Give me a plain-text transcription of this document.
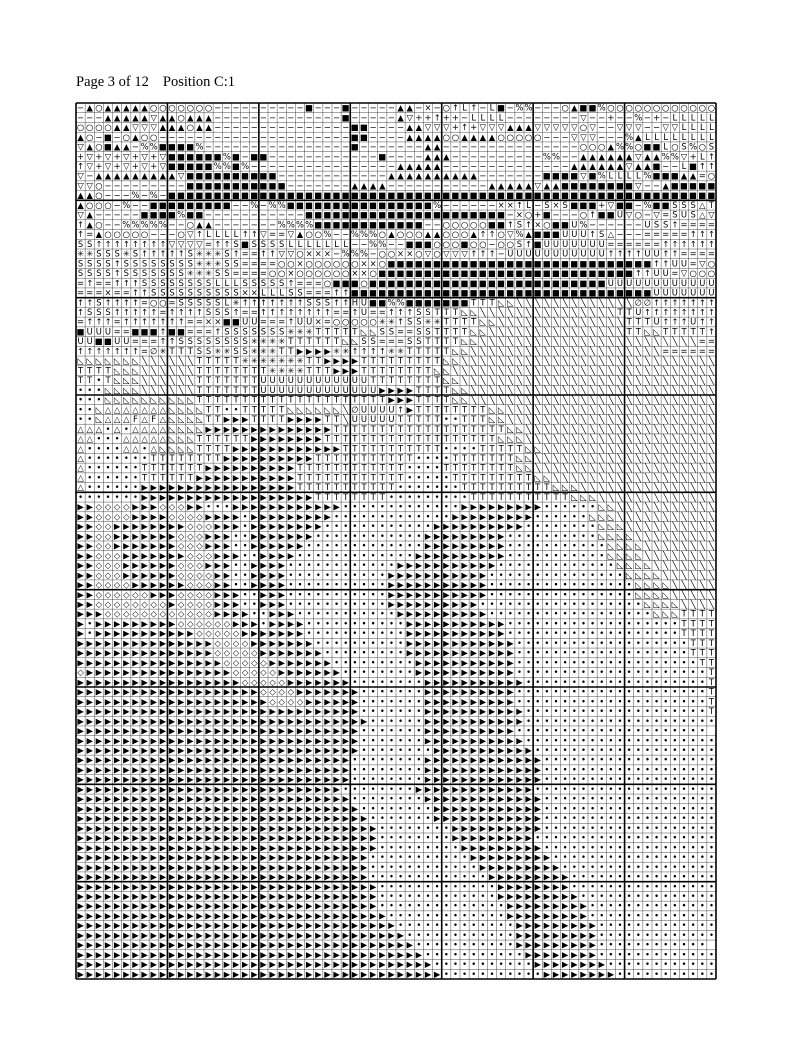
Page 3 of 12 Position C:1
− ▲ ○ ▲ ▲ ▲ ▲ ▲ ○ ○ ○ ○ ○ ○ ○ − − − − − − − − − − ■ − − − ■ − − − − − ▲ ▲ − × − ○ ↑ L ↑ − L ■ − % % − − − ○ ▲ ■ ■ % ○ ○ ○ ○ ○ ○ ○ ○ ○ ○ ○ ○
− − − ▲ ▲ ▲ ▲ ▲ ▽ ▲ ▲ ○ ▲ ▲ ▲ − − − − − − − − − − − − − − ■ − − − − − ▲ ▽ + + ↑ + + − L L L L − − − − − − − − ▽ − − + − − % − + − L L L L L
○ ○ ○ ○ ▲ ▲ ▽ ▽ ▽ ▲ ▲ ▲ ○ ▲ ▲ − − − − − − − − − − − − − − − ■ ■ − − − − ▲ ▲ ▽ ▽ ▽ + ↑ + ▽ ▽ ▽ ▲ ▲ ▲ ▽ ▽ ▽ ▽ ▽ ○ ▽ − − ▽ ▽ ▽ − − ▽ ▽ L L L L
▲ ○ − ■ − ○ ▲ ○ ○ − − − − − − − − − − − − − − − − − − − − − ■ ■ − − − − ▲ ▲ ▲ ▲ ○ ○ ▲ ▲ ▲ ▲ ○ ○ ○ ○ ○ − − − ▽ ▽ ▽ − − − % ▲ L L L L L L L L
▽ ▲ ○ ■ ▲ ▲ − % % ■ ■ ■ ■ % − − − − − − − − − − − − − − − − ■ − − − − − − − ▲ ▲ − − − − − − − − − − − − − − − ○ ○ ○ ▲ % % ○ ■ ■ L ○ S % ○ S
+ ▽ + ▽ + ▽ + ▽ + ▽ ■ ■ ■ ■ ■ ■ % ■ − ■ ■ − − − − − − − − − − − − ■ − − − − ▲ ▲ ▲ − − − − − − − − − − % % − − ▲ ▲ ▲ ▲ ▲ ▲ ▽ ▲ ▲ % % ▽ + L ↑
↑ ▽ + ▽ + ▽ + ▽ + ▽ ■ ■ ■ ■ ■ % % ■ % − − − − − − − − − − − − − − − − ▲ ▲ ▲ ▲ ▲ − − − − − − − − − − − − − − ▲ ▲ ▲ ▲ ▲ ▲ ▽ ▲ ▲ ■ − − L ■ ↑ ↑
▽ − ▲ ▲ ▲ ▲ ▲ ▲ ▲ ▲ ▲ ▽ ■ ■ ■ ■ ■ ■ ■ ■ ■ ■ − − − − − − − − − − − − ▲ ▲ ▲ ▲ ▲ ▲ ▲ ▲ ▲ ▲ − − − − − − − ■ ■ ■ ■ ▽ ■ % L L L L % ■ ■ ■ ▲ ▲ = ○
▽ ▽ ○ − − − − − − − − − ■ ■ ■ ■ ■ ■ ■ ■ ■ ■ ■ − − − − − − − ▲ ▲ ▲ ▲ − − − − − − − − − − − ▲ ▲ ▲ ▲ ▲ ▽ ▲ ▲ ■ ■ ■ ■ ■ ■ ■ ■ ▽ − − ▲ ■ ■ ■ ■ ■
▲ ▲ ○ − − − % − % − ■ ■ ■ ■ ■ ■ ■ ■ ■ ■ ■ ■ ■ ■ ■ ■ ■ ■ ■ ■ ■ ■ ■ ■ ■ ■ ■ ■ ■ ■ ■ ■ ■ ■ ■ ■ ■ ■ ■ ■ ■ ■ ■ ■ ■ ■ ■ ■ ■ ■ ■ ■ ■ ■ ■ ■ ■ ■ ■ ■
▲ ○ ○ ○ − % − − ■ ■ ■ ■ ■ ■ ■ ■ ■ − − % − % % ■ ■ ■ ■ ■ ■ ■ ■ ■ ■ ■ ■ ■ ■ ■ ■ % − − − − − − × × ↑ L − S × S ■ ■ ■ + ▽ ■ ■ − % ■ ■ S S S △ T
▽ ▲ − − − − − ■ ■ ■ ■ % ■ ■ − − − − − − − − − − − ■ ■ ■ ■ ■ ■ ■ ■ ■ ■ ■ ■ ■ ■ ■ ■ ■ ■ ■ ■ ■ ■ − × ○ + ■ − − − ○ ↑ ■ ■ U ▽ ○ − ▽ = S U S △ ▽
↑ ▲ ○ − − % % % % % − − ○ ▲ ▲ − − − − − − − % % % % ■ ■ ■ ■ ■ ■ ■ ■ ■ ■ ■ ■ − − ○ ○ ○ ○ ○ ■ ■ ↑ S ↑ × ○ ■ ■ U % − − − − − − U S S ↑ = = = =
↑ = ▲ ○ ○ ○ ○ ○ − − − ○ ▽ ↑ L L L L ↑ ↑ ▽ = = ▽ ▲ ○ ○ % − − % % % ○ ▲ ○ ○ ○ ▲ ▲ ○ ○ ○ ▲ ↑ ↑ ○ ▽ % ▲ ■ ■ ■ U U U ↑ S △ − − − = = = = = ↑ ↑ ↑
S S ↑ ↑ ↑ ↑ ↑ ↑ ↑ ↑ ▽ ▽ ▽ ▽ = ↑ ↑ S ■ S S S S L L L L L L L − − % % − − ■ ■ ■ ○ ○ ○ ■ ○ ○ − ○ ○ S ↑ ■ U U U U U U U = = = = = = ↑ ↑ ↑ ↑ ↑ ↑
✳ ✳ S S S ✳ S ↑ ↑ ↑ ↑ ↑ S ✳ ✳ ✳ S ↑ = = ↑ ↑ ▽ ▽ ○ × × × − % % % − ○ ○ × × ○ ▽ ○ ▽ ▽ ▽ ↑ ↑ ↑ − U U U U U U U U U U U ↑ ↑ ↑ ↑ U U ↑ ↑ = = = =
S S S S ↑ S S S S S S S S ✳ ✳ ✳ S S = = = = ○ ○ × ○ ○ ○ ○ ○ ○ × × ○ ■ ■ ■ ■ ■ ■ ■ ■ ■ ■ ■ ■ ■ ■ ■ ■ ■ ■ ■ ■ ■ ■ ■ ■ ■ ■ ■ ■ ■ ↑ ↑ U U = ▽ ○
S S S S ↑ S S S S S S S ✳ ✳ ✳ S S = = = = ○ ○ × ○ ○ ○ ○ ○ ○ × × ○ ■ ■ ■ ■ ■ ■ ■ ■ ■ ■ ■ ■ ■ ■ ■ ■ ■ ■ ■ ■ ■ ■ ■ ■ ■ ■ ■ ■ ↑ ↑ U U = ▽ ○ ○ ○
= ↑ = = ↑ ↑ ↑ S S S S S S S S L L L S S S S S ↑ = = = ○ ■ ■ ■ ○ ■ ■ ■ ■ ■ ■ ■ ■ ■ ■ ■ ■ ■ ■ ■ ■ ■ ■ ■ ■ ■ ■ ■ ■ ■ ■ U U U U U U U U U U U U
= = = × = = ↑ ↑ S S S S S S S S S S × × L L L S S = = = ↑ ↑ ■ ■ ■ ■ ■ ■ ■ ■ ■ ■ ■ ■ ■ ■ ■ ■ ■ ■ ■ ■ ■ ■ ■ ■ ■ ■ ■ ■ ■ ■ ■ ■ ■ U U U U U U U
↑ ↑ S ↑ ↑ ↑ ↑ = ○ ○ = S S S S S L ✳ ↑ ↑ ↑ ↑ ↑ ↑ ↑ S S S ↑ ↑ H U ■ ■ % % ■ ■ ■ ■ ■ ■ ■ T T T ◺ ◺ ╲ ╲ ╲ ╲ ╲ ╲ ╲ ╲ ╲ ╲ ╲ ╲ ╲ ∅ ∅ ↑ ↑ ↑ ↑ ↑ ↑ ↑
↑ S S S ↑ ↑ ↑ ↑ ↑ = ↑ ↑ ↑ ↑ S S S ↑ = = ↑ ↑ ↑ ↑ ↑ ↑ ↑ ↑ = = ↑ U = = ↑ ↑ ↑ S S T T T ◺ ◺ ╲ ╲ ╲ ╲ ╲ ╲ ╲ ╲ ╲ ╲ ╲ ╲ ╲ ╲ ╲ T T U ↑ ↑ ↑ ↑ ↑ ↑ ↑ ↑
= ↑ ↑ ↑ = ↑ ↑ ↑ ↑ ↑ ↑ ↑ = = × × ■ ■ U U = = = ↑ U U × = ○ ○ ○ ○ ○ ✳ ✳ ↑ S S ✳ ✳ T T T T ◺ ◺ ╲ ╲ ╲ ╲ ╲ ╲ ╲ ╲ ╲ ╲ ╲ ╲ ╲ ╲ T T T U ↑ ↑ ↑ U ↑ ↑
■ U U U = = ■ ■ ■ ↑ ■ ■ = = = ↑ S S S S S S S ✳ ✳ ✳ T T T T T ◺ ◺ S S = = S S T T T T ◺ ◺ ╲ ╲ ╲ ╲ ╲ ╲ ╲ ╲ ╲ ╲ ╲ ╲ ╲ ╲ ╲ T T ◺ ◺ T T T T T ↑
U U ■ ■ U U = = = ↑ ↑ S S S S S S S S ✳ ✳ ✳ ✳ T T T T T T ◺ ◺ S S = = = S S T T T T ◺ ◺ ╲ ╲ ╲ ╲ ╲ ╲ ╲ ╲ ╲ ╲ ╲ ╲ ╲ ╲ ╲ ╲ ╲ ╲ ╲ ╲ ╲ ╲ ╲ ╲ = =
↑ ↑ ↑ ↑ ↑ ↑ ↑ = ∅ ✳ T T T S S ✳ ✳ S S ✳ ✳ ✳ T T ▶ ▶ ▶ ▶ ✳ ✳ ↑ ↑ ↑ ↑ ✳ ✳ T T T T T ◺ ◺ ╲ ╲ ╲ ╲ ╲ ╲ ╲ ╲ ╲ ╲ ╲ ╲ ╲ ╲ ╲ ╲ ╲ ╲ ╲ ╲ ╲ = = = = = =
◺ ◺ ◺ ◺ ◺ ◺ ◺ ╲ ╲ ╲ ╲ ╲ ╲ T T T T T ✳ ✳ ✳ ✳ ✳ ✳ ✳ T T ▶ ▶ ▶ ▶ T T T T T T T T T ◺ ◺ ╲ ╲ ╲ ╲ ╲ ╲ ╲ ╲ ╲ ╲ ╲ ╲ ╲ ╲ ╲ ╲ ╲ ╲ ╲ ╲ ╲ ╲ ╲ ╲ ╲ ╲ ╲ ╲
T T T T ◺ ◺ ◺ ╲ ╲ ╲ ╲ ╲ ╲ T T T T T T T T ✳ ✳ ✳ ✳ T T T ▶ ▶ ▶ T T T T T T T T ◺ ◺ ╲ ╲ ╲ ╲ ╲ ╲ ╲ ╲ ╲ ╲ ╲ ╲ ╲ ╲ ╲ ╲ ╲ ╲ ╲ ╲ ╲ ╲ ╲ ╲ ╲ ╲ ╲ ╲ ╲
T T • T ◺ ◺ ◺ ╲ ╲ ╲ ╲ ╲ ╲ T T T T T T T U U U U U U U U U U U U T T T T T T T T ◺ ◺ ╲ ╲ ╲ ╲ ╲ ╲ ╲ ╲ ╲ ╲ ╲ ╲ ╲ ╲ ╲ ╲ ╲ ╲ ╲ ╲ ╲ ╲ ╲ ╲ ╲ ╲ ╲ ╲
• • • ◺ ◺ ◺ ◺ ╲ ╲ ╲ ╲ ╲ ╲ T T T T T T T U U U U U U U U U U U U U ▶ ▶ ▶ ▶ T T T T ◺ ◺ ╲ ╲ ╲ ╲ ╲ ╲ ╲ ╲ ╲ ╲ ╲ ╲ ╲ ╲ ╲ ╲ ╲ ╲ ╲ ╲ ╲ ╲ ╲ ╲ ╲ ╲ ╲
• • • ◺ ◺ ◺ ◺ ◺ ◺ ◺ ◺ ◺ ◺ T T T T T T T T T T T T T T T T T T T T T ▶ ▶ ▶ T T T T ◺ ◺ ╲ ╲ ╲ ╲ ╲ ╲ ╲ ╲ ╲ ╲ ╲ ╲ ╲ ╲ ╲ ╲ ╲ ╲ ╲ ╲ ╲ ╲ ╲ ╲ ╲ ╲ ╲
• • ◺ △ △ △ △ △ △ △ ◺ ◺ ◺ ◺ T T • • T T T T T ◺ ◺ ◺ ◺ ◺ ◺ ╲ ∅ U U U U ↑ ▶ T T T T T T T T ◺ ◺ ╲ ╲ ╲ ╲ ╲ ╲ ╲ ╲ ╲ ╲ ╲ ╲ ╲ ╲ ╲ ╲ ╲ ╲ ╲ ╲ ╲ ╲ ╲
• • ◺ △ △ △ F △ F △ ◺ ◺ ◺ ◺ T T ▶ ▶ ▶ T T T T ▶ ▶ ▶ ▶ T T ╲ U U U U U T T T T T • • T T T ◺ ◺ ╲ ╲ ╲ ╲ ╲ ╲ ╲ ╲ ╲ ╲ ╲ ╲ ╲ ╲ ╲ ╲ ╲ ╲ ╲ ╲ ╲ ╲ ╲
△ △ △ • △ • △ △ △ △ ◺ ◺ ◺ ◺ ▶ ▶ ▶ ▶ ▶ ▶ ▶ ▶ ▶ ▶ ▶ ▶ ▶ ▶ T T T T T T T T T T T T T T T T T T T ◺ ◺ ╲ ╲ ╲ ╲ ╲ ╲ ╲ ╲ ╲ ╲ ╲ ╲ ╲ ╲ ╲ ╲ ╲ ╲ ╲ ╲ ╲
△ △ • • • △ △ △ △ △ ◺ ◺ ◺ T T T T T T ▶ ▶ ▶ ▶ ▶ ▶ ▶ ▶ T T T T T T T T T T T T T T T T T T T ◺ ◺ ◺ ╲ ╲ ╲ ╲ ╲ ╲ ╲ ╲ ╲ ╲ ╲ ╲ ╲ ╲ ╲ ╲ ╲ ╲ ╲ ╲ ╲
△ • • • • △ △ • △ ◺ ◺ ◺ ◺ T T T T ▶ ▶ ▶ ▶ ▶ ▶ ▶ ▶ ▶ ▶ ▶ ▶ T T T T T T T T T T T • • • • T T T T T ◺ ◺ ╲ ╲ ╲ ╲ ╲ ╲ ╲ ╲ ╲ ╲ ╲ ╲ ╲ ╲ ╲ ╲ ╲ ╲ ╲
△ • • • • • • • T T T T T T T T ▶ ▶ ▶ ▶ ▶ ▶ ▶ ▶ ▶ ▶ T T T T T T T T T T T • • • • T T T T T T T ◺ ◺ ╲ ╲ ╲ ╲ ╲ ╲ ╲ ╲ ╲ ╲ ╲ ╲ ╲ ╲ ╲ ╲ ╲ ╲ ╲ ╲
△ • • • • • • T T T T T T T ▶ ▶ ▶ ▶ ▶ ▶ ▶ ▶ ▶ ▶ T T T T T T T T T T T T • • • • T T T T T T T T ◺ ◺ ╲ ╲ ╲ ╲ ╲ ╲ ╲ ╲ ╲ ╲ ╲ ╲ ╲ ╲ ╲ ╲ ╲ ╲ ╲ ╲
△ • • • • • • T T T T T T ▶ ▶ ▶ ▶ ▶ ▶ ▶ ▶ ▶ ▶ ▶ T T T T T T T T T T T T • • • • • T T T T T T T T T ◺ ◺ ╲ ╲ ╲ ╲ ╲ ╲ ╲ ╲ ╲ ╲ ╲ ╲ ╲ ╲ ╲ ╲ ╲ ╲
△ • • • • • • ▶ ▶ ▶ ▶ ▶ ▶ ▶ ▶ ▶ ▶ ▶ ▶ ▶ ▶ ▶ ▶ ▶ T T T T T T T T T T T • • • • • • • T T T T T T T T T T ◺ ◺ ◺ ╲ ╲ ╲ ╲ ╲ ╲ ╲ ╲ ╲ ╲ ╲ ╲ ╲ ╲ ╲
• • • • • • • ▶ ▶ ▶ ▶ ▶ ▶ ▶ ▶ ▶ ▶ ▶ ▶ ▶ ▶ ▶ ▶ ▶ ▶ ▶ T T T T T T T T • • • • • • • • • T T T T T T T T T T T ◺ ◺ ◺ ╲ ╲ ╲ ╲ ╲ ╲ ╲ ╲ ╲ ╲ ╲ ╲ ╲
▶ ▶ ◇ ◇ ◇ ◇ ▶ ▶ ▶ ◇ ◇ ◇ ▶ ▶ • • • ▶ ▶ ▶ ▶ ▶ ▶ ▶ ▶ ▶ ▶ ▶ ▶ • • • • • • • • • • • • • ▶ ▶ ▶ ▶ ▶ ▶ ▶ ▶ ▶ • • • • • • ◺ ◺ ╲ ╲ ╲ ╲ ╲ ╲ ╲ ╲ ╲ ╲ ╲
▶ ▶ ◇ ◇ ◇ ◇ ▶ ▶ ▶ ▶ ◇ ◇ ◇ ◇ ▶ ▶ ▶ ▶ • ▶ ▶ ▶ ▶ ▶ ▶ ▶ ▶ ▶ • • • • • • • • • • • • • ▶ ▶ ▶ ▶ ▶ ▶ ▶ ▶ ▶ • • • • • • ◺ ◺ ◺ ╲ ╲ ╲ ╲ ╲ ╲ ╲ ╲ ╲ ╲ ╲
▶ ▶ ◇ ◇ ▶ ▶ ▶ ▶ ▶ ▶ ▶ ▶ ◇ ◇ ◇ ▶ ▶ ▶ • ▶ ▶ ▶ ▶ ▶ ▶ ▶ ▶ • • • • • • • • • • • • ▶ ▶ ▶ ▶ ▶ ▶ ▶ ▶ ▶ ▶ • • • • • • • • ◺ ◺ ◺ ╲ ╲ ╲ ╲ ╲ ╲ ╲ ╲ ╲ ╲
▶ ▶ ◇ ◇ ▶ ▶ ▶ ▶ ▶ ▶ ▶ ◇ ◇ ◇ ▶ ▶ ▶ • • ▶ ▶ ▶ ▶ ▶ ▶ ▶ • • • • • • • • • • • • ▶ ▶ ▶ ▶ ▶ ▶ ▶ ▶ ▶ • • • • • • • • • • ◺ ◺ ◺ ◺ ╲ ╲ ╲ ╲ ╲ ╲ ╲ ╲ ╲
▶ ▶ ◇ ◇ ▶ ▶ ▶ ▶ ▶ ▶ ▶ ◇ ◇ ◇ ▶ ▶ ▶ • • ▶ ▶ ▶ ▶ ▶ ▶ • • • • • • • • • • • • • ▶ ▶ ▶ ▶ ▶ ▶ ▶ ▶ ▶ • • • • • • • • • • • ◺ ◺ ◺ ◺ ╲ ╲ ╲ ╲ ╲ ╲ ╲ ╲
▶ ▶ ◇ ◇ ◇ ▶ ▶ ▶ ▶ ▶ ▶ ▶ ◇ ◇ ◇ ▶ ▶ ▶ • • ▶ ▶ ▶ ▶ • • • • • • • • • • • • • ▶ ▶ ▶ ▶ ▶ ▶ ▶ ▶ ▶ ▶ • • • • • • • • • • • ◺ ◺ ◺ ◺ ╲ ╲ ╲ ╲ ╲ ╲ ╲ ╲
▶ ▶ ◇ ◇ ◇ ▶ ▶ ▶ ▶ ▶ ▶ ◇ ◇ ◇ ▶ ▶ ▶ • • ▶ ▶ ▶ ▶ • • • • • • • • • • • • ▶ ▶ ▶ ▶ ▶ ▶ ▶ ▶ ▶ ▶ ▶ • • • • • • • • • • • • • ◺ ◺ ◺ ◺ ╲ ╲ ╲ ╲ ╲ ╲ ╲
▶ ▶ ◇ ◇ ◇ ▶ ▶ ▶ ▶ ▶ ▶ ◇ ◇ ◇ ◇ ▶ ▶ • • ▶ ▶ ▶ ▶ • • • • • • • • • • • ▶ ▶ ▶ ▶ ▶ ▶ ▶ ▶ ▶ ▶ ▶ • • • • • • • • • • • • • • • ◺ ◺ ◺ ◺ ╲ ╲ ╲ ╲ ╲ ╲
▶ ▶ ◇ ◇ ◇ ◇ ▶ ▶ ▶ ▶ ▶ ▶ ◇ ◇ ◇ ▶ ▶ • • ▶ ▶ ▶ ▶ • • • • • • • • • • • ▶ ▶ ▶ ▶ ▶ ▶ ▶ ▶ ▶ ▶ ▶ • • • • • • • • • • • • • • • • ◺ ◺ ◺ ◺ ╲ ╲ ╲ ╲ ╲
▶ ▶ ◇ ◇ ◇ ◇ ◇ ◇ ▶ ▶ ▶ ◇ ◇ ◇ ◇ ▶ ▶ ▶ • • ▶ ▶ ▶ • • • • • • • • • • • ▶ ▶ ▶ ▶ ▶ ▶ ▶ ▶ ▶ ▶ ▶ • • • • • • • • • • • • • • • • ◺ ◺ ◺ ◺ ╲ ╲ ╲ ╲ ╲
▶ ▶ ◇ ◇ ◇ ◇ ◇ ◇ ◇ ◇ ▶ ◇ ◇ ◇ ◇ ▶ ▶ ▶ • • ▶ ▶ ▶ • • • • • • • • • • • ▶ ▶ ▶ ▶ ▶ ▶ ▶ ▶ ▶ ▶ • • • • • • • • • • • • • • • • • • ◺ ◺ ◺ ◺ ╲ ╲ ╲ ╲
▶ ▶ ▶ ◇ ◇ ◇ ◇ ◇ ◇ ◇ ◇ ◇ ◇ ◇ ◇ ▶ ▶ ▶ ▶ • • ▶ ▶ ▶ • • • • • • • • • • • ▶ ▶ ▶ ▶ ▶ ▶ ▶ ▶ ▶ ▶ • • • • • • • • • • • • • • • • • • ◺ ◺ ◺ T T T T
▶ • ▶ ▶ ▶ ▶ ▶ ▶ ▶ ▶ ▶ ◇ ◇ ◇ ◇ ◇ ◇ ▶ ▶ ▶ • ▶ ▶ ▶ ▶ • • • • • • • • • • • ▶ ▶ ▶ ▶ ▶ ▶ ▶ ▶ ▶ ▶ ▶ • • • • • • • • • • • • • • • • • • • T T T T
▶ • ▶ ▶ ▶ ▶ ▶ ▶ ▶ ▶ ▶ ▶ ▶ ◇ ◇ ◇ ◇ ◇ ▶ ▶ ▶ ▶ ▶ ▶ ▶ • • • • • • • • • • • ▶ ▶ ▶ ▶ ▶ ▶ ▶ ▶ ▶ ▶ ▶ • • • • • • • • • • • • • • • • • • • T T T T
▶ ▶ ▶ ▶ ▶ ▶ ▶ ▶ ▶ ▶ ▶ ▶ ▶ ▶ ▶ ◇ ◇ ◇ ◇ ▶ ▶ ▶ ▶ ▶ ▶ ▶ • • • • • • • • • • ▶ ▶ ▶ ▶ ▶ ▶ ▶ ▶ ▶ ▶ ▶ ▶ • • • • • • • • • • • • • • • • • • • T T T
▶ ▶ ▶ ▶ ▶ ▶ ▶ ▶ ▶ ▶ ▶ ▶ ▶ ▶ ▶ ◇ ◇ ◇ ◇ ◇ ▶ ▶ ▶ ▶ ▶ ▶ ▶ • • • • • • • • • ▶ ▶ ▶ ▶ ▶ ▶ ▶ ▶ ▶ ▶ ▶ ▶ • • • • • • • • • • • • • • • • • • • T T T
▶ ▶ ▶ ▶ ▶ ▶ ▶ ▶ ▶ ▶ ▶ ▶ ▶ ▶ ▶ ▶ ◇ ◇ ◇ ◇ ◇ ▶ ▶ ▶ ▶ ▶ ▶ ▶ • • • • • • • • • ▶ ▶ ▶ ▶ ▶ ▶ ▶ ▶ ▶ ▶ ▶ • • • • • • • • • • • • • • • • • • • • T T
◇ ▶ ▶ ▶ ▶ ▶ ▶ ▶ ▶ ▶ ▶ ▶ ▶ ▶ ▶ ▶ ▶ ◇ ◇ ◇ ◇ ◇ ▶ ▶ ▶ ▶ ▶ ▶ ▶ • • • • • • • • ▶ ▶ ▶ ▶ ▶ ▶ ▶ ▶ ▶ ▶ ▶ • • • • • • • • • • • • • • • • • • • • • T
▶ ▶ ▶ ▶ ▶ ▶ ▶ ▶ ▶ ▶ ▶ ▶ ▶ ▶ ▶ ▶ ▶ ▶ ◇ ◇ ◇ ◇ ◇ ▶ ▶ ▶ ▶ ▶ ▶ ▶ • • • • • • • • ▶ ▶ ▶ ▶ ▶ ▶ ▶ ▶ ▶ ▶ ▶ • • • • • • • • • • • • • • • • • • • • T
▶ ▶ ▶ ▶ ▶ ▶ ▶ ▶ ▶ ▶ ▶ ▶ ▶ ▶ ▶ ▶ ▶ ▶ ▶ ▶ ◇ ◇ ◇ ◇ ▶ ▶ ▶ ▶ ▶ ▶ ▶ • • • • • • • ▶ ▶ ▶ ▶ ▶ ▶ ▶ ▶ ▶ ▶ • • • • • • • • • • • • • • • • • • • • • T
▶ ▶ ▶ ▶ ▶ ▶ ▶ ▶ ▶ ▶ ▶ ▶ ▶ ▶ ▶ ▶ ▶ ▶ ▶ ▶ ▶ ◇ ◇ ◇ ◇ ▶ ▶ ▶ ▶ ▶ ▶ • • • • • • • ▶ ▶ ▶ ▶ ▶ ▶ ▶ ▶ ▶ ▶ • • • • • • • • • • • • • • • • • • • • • T
▶ ▶ ▶ ▶ ▶ ▶ ▶ ▶ ▶ ▶ ▶ ▶ ▶ ▶ ▶ ▶ ▶ ▶ ▶ ▶ ▶ ▶ ▶ ▶ ▶ ▶ ▶ ▶ ▶ ▶ ▶ • • • • • • • ▶ ▶ ▶ ▶ ▶ ▶ ▶ ▶ ▶ ▶ ▶ • • • • • • • • • • • • • • • • • • • • T
▶ ▶ ▶ ▶ ▶ ▶ ▶ ▶ ▶ ▶ ▶ ▶ ▶ ▶ ▶ ▶ ▶ ▶ ▶ ▶ ▶ ▶ ▶ ▶ ▶ ▶ ▶ ▶ ▶ ▶ ▶ ▶ • • • • • • ▶ ▶ ▶ ▶ ▶ ▶ ▶ ▶ ▶ ▶ ▶ • • • • • • • • • • • • • • • • • • • • •
▶ ▶ ▶ ▶ ▶ ▶ ▶ ▶ ▶ ▶ ▶ ▶ ▶ ▶ ▶ ▶ ▶ ▶ ▶ ▶ ▶ ▶ ▶ ▶ ▶ ▶ ▶ ▶ ▶ ▶ ▶ • • • • • • • ▶ ▶ ▶ ▶ ▶ ▶ ▶ ▶ ▶ ▶ • • • • • • • • • • • • • • • • • • • • •
▶ ▶ ▶ ▶ ▶ ▶ ▶ ▶ ▶ ▶ ▶ ▶ ▶ ▶ ▶ ▶ ▶ ▶ ▶ ▶ ▶ ▶ ▶ ▶ ▶ ▶ ▶ ▶ ▶ ▶ ▶ • • • • • • • ▶ ▶ ▶ ▶ ▶ ▶ ▶ ▶ ▶ ▶ ▶ • • • • • • • • • • • • • • • • • • • • •
▶ ▶ ▶ ▶ ▶ ▶ ▶ ▶ ▶ ▶ ▶ ▶ ▶ ▶ ▶ ▶ ▶ ▶ ▶ ▶ ▶ ▶ ▶ ▶ ▶ ▶ ▶ ▶ ▶ ▶ ▶ • • • • • • • • ▶ ▶ ▶ ▶ ▶ ▶ ▶ ▶ ▶ ▶ ▶ • • • • • • • • • • • • • • • • • • • •
▶ ▶ ▶ ▶ ▶ ▶ ▶ ▶ ▶ ▶ ▶ ▶ ▶ ▶ ▶ ▶ ▶ ▶ ▶ ▶ ▶ ▶ ▶ ▶ ▶ ▶ ▶ ▶ ▶ ▶ • • • • • • • • ▶ ▶ ▶ ▶ ▶ ▶ ▶ ▶ ▶ ▶ ▶ ▶ ▶ • • • • • • • • • • • • • • • • • • •
▶ ▶ ▶ ▶ ▶ ▶ ▶ ▶ ▶ ▶ ▶ ▶ ▶ ▶ ▶ ▶ ▶ ▶ ▶ ▶ ▶ ▶ ▶ ▶ ▶ ▶ ▶ ▶ ▶ ▶ • • • • • • • • ▶ ▶ ▶ ▶ ▶ ▶ ▶ ▶ ▶ ▶ ▶ ▶ ▶ • • • • • • • • • • • • • • • • • • •
▶ ▶ ▶ ▶ ▶ ▶ ▶ ▶ ▶ ▶ ▶ ▶ ▶ ▶ ▶ ▶ ▶ ▶ ▶ ▶ ▶ ▶ ▶ ▶ ▶ ▶ ▶ ▶ ▶ ▶ • • • • • • • • ▶ ▶ ▶ ▶ ▶ ▶ ▶ ▶ ▶ ▶ ▶ ▶ ▶ • • • • • • • • • • • • • • • • • • •
▶ ▶ ▶ ▶ ▶ ▶ ▶ ▶ ▶ ▶ ▶ ▶ ▶ ▶ ▶ ▶ ▶ ▶ ▶ ▶ ▶ ▶ ▶ ▶ ▶ ▶ ▶ ▶ ▶ • • • • • • • • ▶ ▶ ▶ ▶ ▶ ▶ ▶ ▶ ▶ ▶ ▶ ▶ ▶ • • • • • • • • • • • • • • • • • • • •
▶ ▶ ▶ ▶ ▶ ▶ ▶ ▶ ▶ ▶ ▶ ▶ ▶ ▶ ▶ ▶ ▶ ▶ ▶ ▶ ▶ ▶ ▶ ▶ ▶ ▶ ▶ ▶ ▶ ▶ • • • • • • • • ▶ ▶ ▶ ▶ ▶ ▶ ▶ ▶ ▶ ▶ ▶ ▶ ▶ • • • • • • • • • • • • • • • • • • •
▶ ▶ ▶ ▶ ▶ ▶ ▶ ▶ ▶ ▶ ▶ ▶ ▶ ▶ ▶ ▶ ▶ ▶ ▶ ▶ ▶ ▶ ▶ ▶ ▶ ▶ ▶ ▶ ▶ ▶ ▶ • • • • • • • • ▶ ▶ ▶ ▶ ▶ ▶ ▶ ▶ ▶ ▶ ▶ ▶ • • • • • • • • • • • • • • • • • • •
▶ ▶ ▶ ▶ ▶ ▶ ▶ ▶ ▶ ▶ ▶ ▶ ▶ ▶ ▶ ▶ ▶ ▶ ▶ ▶ ▶ ▶ ▶ ▶ ▶ ▶ ▶ ▶ ▶ ▶ ▶ ▶ • • • • • • • ▶ ▶ ▶ ▶ ▶ ▶ ▶ ▶ ▶ ▶ ▶ ▶ • • • • • • • • • • • • • • • • • • •
▶ ▶ ▶ ▶ ▶ ▶ ▶ ▶ ▶ ▶ ▶ ▶ ▶ ▶ ▶ ▶ ▶ ▶ ▶ ▶ ▶ ▶ ▶ ▶ ▶ ▶ ▶ ▶ ▶ ▶ ▶ ▶ ▶ • • • • • • • • ▶ ▶ ▶ ▶ ▶ ▶ ▶ ▶ ▶ ▶ • • • • • • • • • • • • • • • • • • •
▶ ▶ ▶ ▶ ▶ ▶ ▶ ▶ ▶ ▶ ▶ ▶ ▶ ▶ ▶ ▶ ▶ ▶ ▶ ▶ ▶ ▶ ▶ ▶ ▶ ▶ ▶ ▶ ▶ ▶ ▶ ▶ ▶ • • • • • • • • ▶ ▶ ▶ ▶ ▶ ▶ ▶ ▶ ▶ • • • • • • • • • • • • • • • • • • • •
▶ ▶ ▶ ▶ ▶ ▶ ▶ ▶ ▶ ▶ ▶ ▶ ▶ ▶ ▶ ▶ ▶ ▶ ▶ ▶ ▶ ▶ ▶ ▶ ▶ ▶ ▶ ▶ ▶ ▶ ▶ ▶ ▶ • • • • • • • • • ▶ ▶ ▶ ▶ ▶ ▶ ▶ ▶ ▶ • • • • • • • • • • • • • • • • • • •
▶ ▶ ▶ ▶ ▶ ▶ ▶ ▶ ▶ ▶ ▶ ▶ ▶ ▶ ▶ ▶ ▶ ▶ ▶ ▶ ▶ ▶ ▶ ▶ ▶ ▶ ▶ ▶ ▶ ▶ ▶ ▶ • • • • • • • • • • • ▶ ▶ ▶ ▶ ▶ ▶ ▶ ▶ ▶ • • • • • • • • • • • • • • • • • •
▶ ▶ ▶ ▶ ▶ ▶ ▶ ▶ ▶ ▶ ▶ ▶ ▶ ▶ ▶ ▶ ▶ ▶ ▶ ▶ ▶ ▶ ▶ ▶ ▶ ▶ ▶ ▶ ▶ ▶ ▶ ▶ • • • • • • • • • • • • ▶ ▶ ▶ ▶ ▶ ▶ ▶ ▶ ▶ • • • • • • • • • • • • • • • • •
▶ ▶ ▶ ▶ ▶ ▶ ▶ ▶ ▶ ▶ ▶ ▶ ▶ ▶ ▶ ▶ ▶ ▶ ▶ ▶ ▶ ▶ ▶ ▶ ▶ ▶ ▶ ▶ ▶ ▶ ▶ ▶ • • • • • • • • • • • • • ▶ ▶ ▶ ▶ ▶ ▶ ▶ ▶ ▶ • • • • • • • • • • • • • • • •
▶ ▶ ▶ ▶ ▶ ▶ ▶ ▶ ▶ ▶ ▶ ▶ ▶ ▶ ▶ ▶ ▶ ▶ ▶ ▶ ▶ ▶ ▶ ▶ ▶ ▶ ▶ ▶ ▶ ▶ ▶ ▶ ▶ • • • • • • • • • • • • • ▶ ▶ ▶ ▶ ▶ ▶ ▶ ▶ • • • • • • • • • • • • • • • •
▶ ▶ ▶ ▶ ▶ ▶ ▶ ▶ ▶ ▶ ▶ ▶ ▶ ▶ ▶ ▶ ▶ ▶ ▶ ▶ ▶ ▶ ▶ ▶ ▶ ▶ ▶ ▶ ▶ ▶ ▶ ▶ ▶ • • • • • • • • • • • • • ▶ ▶ ▶ ▶ ▶ ▶ ▶ ▶ ▶ • • • • • • • • • • • • • • •
▶ ▶ ▶ ▶ ▶ ▶ ▶ ▶ ▶ ▶ ▶ ▶ ▶ ▶ ▶ ▶ ▶ ▶ ▶ ▶ ▶ ▶ ▶ ▶ ▶ ▶ ▶ ▶ ▶ ▶ ▶ ▶ ▶ • • • • • • • • • • • • • • ▶ ▶ ▶ ▶ ▶ ▶ ▶ ▶ ▶ • • • • • • • • • • • • • •
▶ ▶ ▶ ▶ ▶ ▶ ▶ ▶ ▶ ▶ ▶ ▶ ▶ ▶ ▶ ▶ ▶ ▶ ▶ ▶ ▶ ▶ ▶ ▶ ▶ ▶ ▶ ▶ ▶ ▶ ▶ ▶ ▶ ▶ • • • • • • • • • • • • • ▶ ▶ ▶ ▶ ▶ ▶ ▶ ▶ ▶ • • • • • • • • • • • • • •
▶ ▶ ▶ ▶ ▶ ▶ ▶ ▶ ▶ ▶ ▶ ▶ ▶ ▶ ▶ ▶ ▶ ▶ ▶ ▶ ▶ ▶ ▶ ▶ ▶ ▶ ▶ ▶ ▶ ▶ ▶ ▶ ▶ ▶ ▶ • • • • • • • • • • • • • ▶ ▶ ▶ ▶ ▶ ▶ ▶ ▶ ▶ • • • • • • • • • • • • •
▶ ▶ ▶ ▶ ▶ ▶ ▶ ▶ ▶ ▶ ▶ ▶ ▶ ▶ ▶ ▶ ▶ ▶ ▶ ▶ ▶ ▶ ▶ ▶ ▶ ▶ ▶ ▶ ▶ ▶ ▶ ▶ ▶ ▶ ▶ ▶ • • • • • • • • • • • • ▶ ▶ ▶ ▶ ▶ ▶ ▶ ▶ ▶ • • • • • • • • • • • • •
▶ ▶ ▶ ▶ ▶ ▶ ▶ ▶ ▶ ▶ ▶ ▶ ▶ ▶ ▶ ▶ ▶ ▶ ▶ ▶ ▶ ▶ ▶ ▶ ▶ ▶ ▶ ▶ ▶ ▶ ▶ ▶ ▶ ▶ ▶ ▶ ▶ • • • • • • • • • • • ▶ ▶ ▶ ▶ ▶ ▶ ▶ ▶ ▶ • • • • • • • • • • • •
▶ ▶ ▶ ▶ ▶ ▶ ▶ ▶ ▶ ▶ ▶ ▶ ▶ ▶ ▶ ▶ ▶ ▶ ▶ ▶ ▶ ▶ ▶ ▶ ▶ ▶ ▶ ▶ ▶ ▶ ▶ ▶ ▶ ▶ ▶ ▶ ▶ ▶ • • • • • • • • • • • ▶ ▶ ▶ ▶ ▶ ▶ ▶ ▶ • • • • • • • • • • • • •
▶ ▶ ▶ ▶ ▶ ▶ ▶ ▶ ▶ ▶ ▶ ▶ ▶ ▶ ▶ ▶ ▶ ▶ ▶ ▶ ▶ ▶ ▶ ▶ ▶ ▶ ▶ ▶ ▶ ▶ ▶ ▶ ▶ ▶ ▶ ▶ ▶ ▶ ▶ • • • • • • • • • • • ▶ ▶ ▶ ▶ ▶ ▶ ▶ ▶ • • • • • • • • • • • •
▶ ▶ ▶ ▶ ▶ ▶ ▶ ▶ ▶ ▶ ▶ ▶ ▶ ▶ ▶ ▶ ▶ ▶ ▶ ▶ ▶ ▶ ▶ ▶ ▶ ▶ ▶ ▶ ▶ ▶ ▶ ▶ ▶ ▶ ▶ ▶ ▶ ▶ ▶ ▶ • • • • • • • • • • • ▶ ▶ ▶ ▶ ▶ ▶ ▶ ▶ • • • • • • • • • • •
